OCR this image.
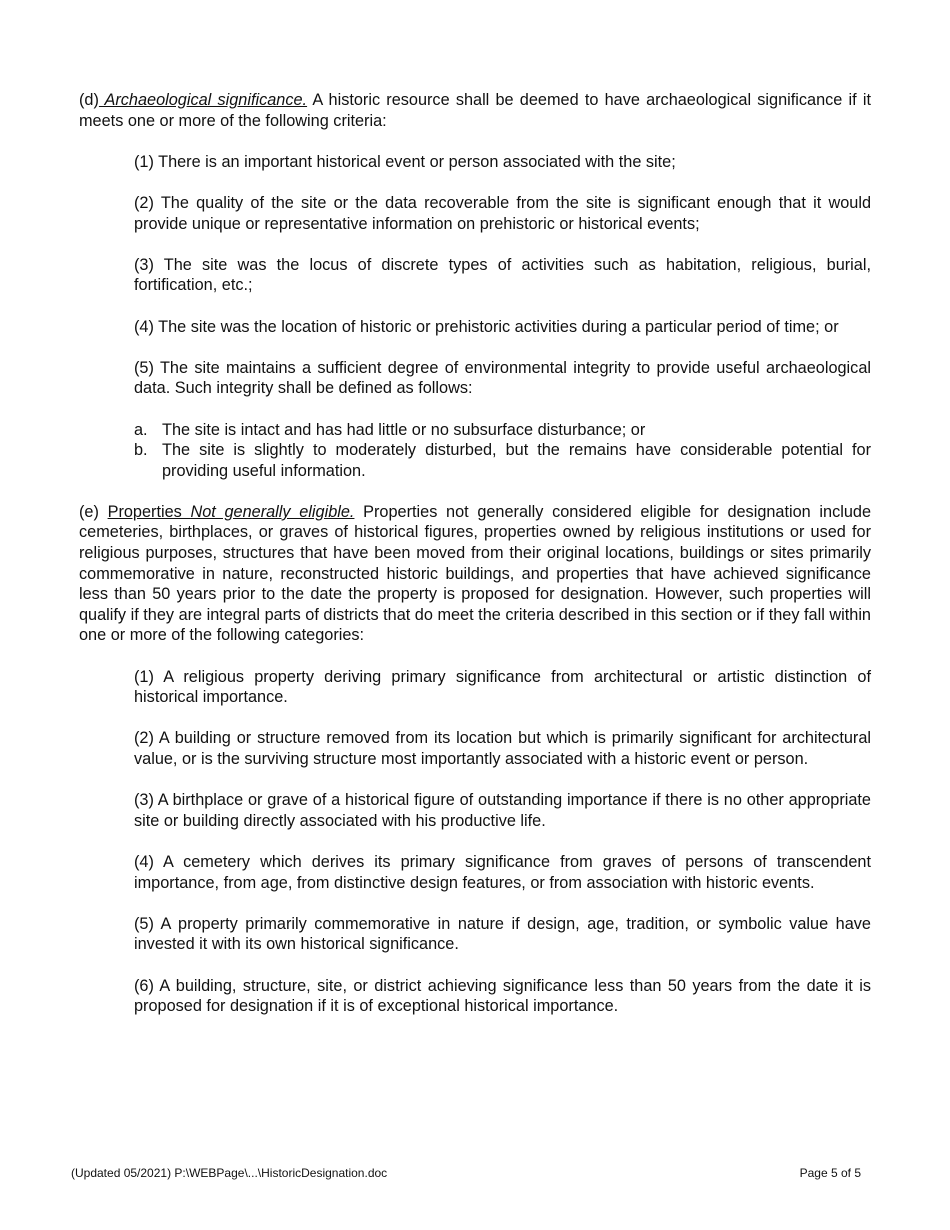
(d) Archaeological significance. A historic resource shall be deemed to have archaeological significance if it meets one or more of the following criteria:

(1) There is an important historical event or person associated with the site;

(2) The quality of the site or the data recoverable from the site is significant enough that it would provide unique or representative information on prehistoric or historical events;

(3) The site was the locus of discrete types of activities such as habitation, religious, burial, fortification, etc.;

(4) The site was the location of historic or prehistoric activities during a particular period of time; or

(5) The site maintains a sufficient degree of environmental integrity to provide useful archaeological data. Such integrity shall be defined as follows:

a. The site is intact and has had little or no subsurface disturbance; or
b. The site is slightly to moderately disturbed, but the remains have considerable potential for providing useful information.

(e) Properties Not generally eligible. Properties not generally considered eligible for designation include cemeteries, birthplaces, or graves of historical figures, properties owned by religious institutions or used for religious purposes, structures that have been moved from their original locations, buildings or sites primarily commemorative in nature, reconstructed historic buildings, and properties that have achieved significance less than 50 years prior to the date the property is proposed for designation. However, such properties will qualify if they are integral parts of districts that do meet the criteria described in this section or if they fall within one or more of the following categories:

(1) A religious property deriving primary significance from architectural or artistic distinction of historical importance.

(2) A building or structure removed from its location but which is primarily significant for architectural value, or is the surviving structure most importantly associated with a historic event or person.

(3) A birthplace or grave of a historical figure of outstanding importance if there is no other appropriate site or building directly associated with his productive life.

(4) A cemetery which derives its primary significance from graves of persons of transcendent importance, from age, from distinctive design features, or from association with historic events.

(5) A property primarily commemorative in nature if design, age, tradition, or symbolic value have invested it with its own historical significance.

(6) A building, structure, site, or district achieving significance less than 50 years from the date it is proposed for designation if it is of exceptional historical importance.

(Updated 05/2021) P:\WEBPage\...\HistoricDesignation.doc	Page 5 of 5
